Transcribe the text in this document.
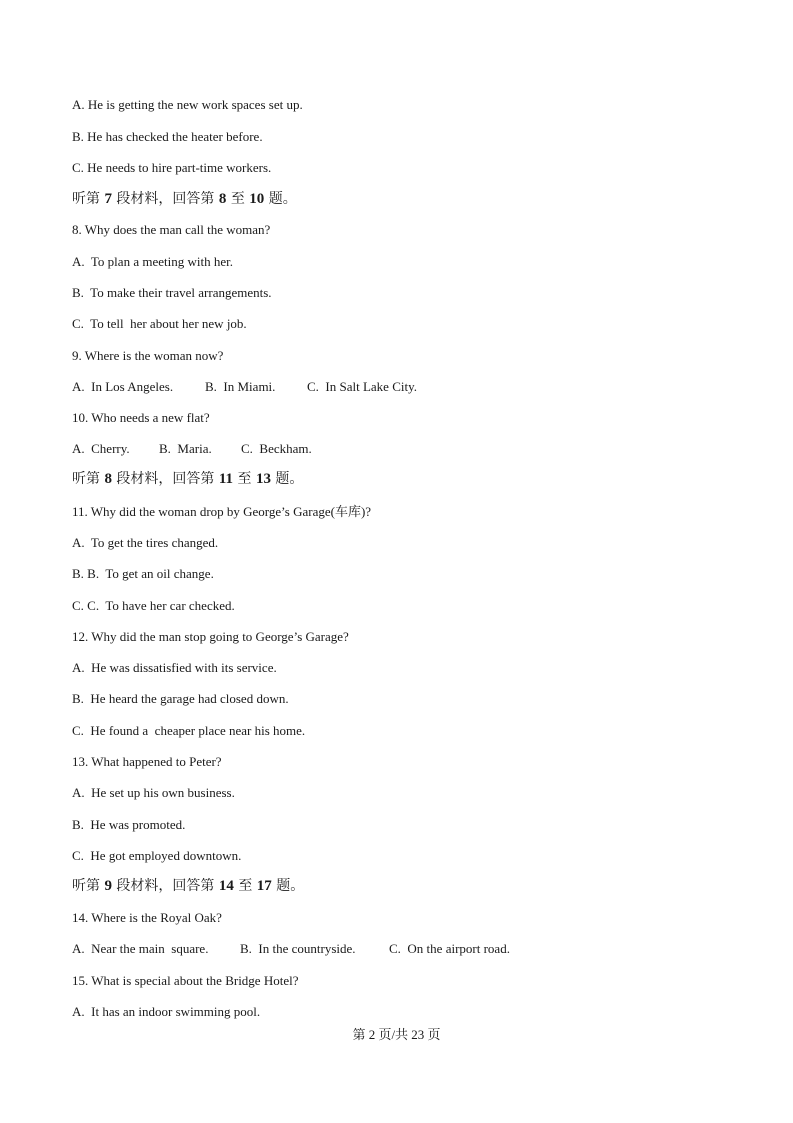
A. He is getting the new work spaces set up.
B. He has checked the heater before.
C. He needs to hire part-time workers.
听第 7 段材料，回答第 8 至 10 题。
8. Why does the man call the woman?
A.  To plan a meeting with her.
B.  To make their travel arrangements.
C.  To tell  her about her new job.
9. Where is the woman now?

A.  In Los Angeles.

B.  In Miami.

C.  In Salt Lake City.

10. Who needs a new flat?

A.  Cherry.

B.  Maria.

C.  Beckham.

听第 8 段材料，回答第 11 至 13 题。
11. Why did the woman drop by George’s Garage(车库)?
A.  To get the tires changed.
B. B.  To get an oil change.
C. C.  To have her car checked.
12. Why did the man stop going to George’s Garage?
A.  He was dissatisfied with its service.
B.  He heard the garage had closed down.
C.  He found a  cheaper place near his home.
13. What happened to Peter?
A.  He set up his own business.
B.  He was promoted.
C.  He got employed downtown.
听第 9 段材料，回答第 14 至 17 题。
14. Where is the Royal Oak?

A.  Near the main  square.

B.  In the countryside.

	C.  On the airport road.

15. What is special about the Bridge Hotel?
A.  It has an indoor swimming pool.
第 2 页/共 23 页
